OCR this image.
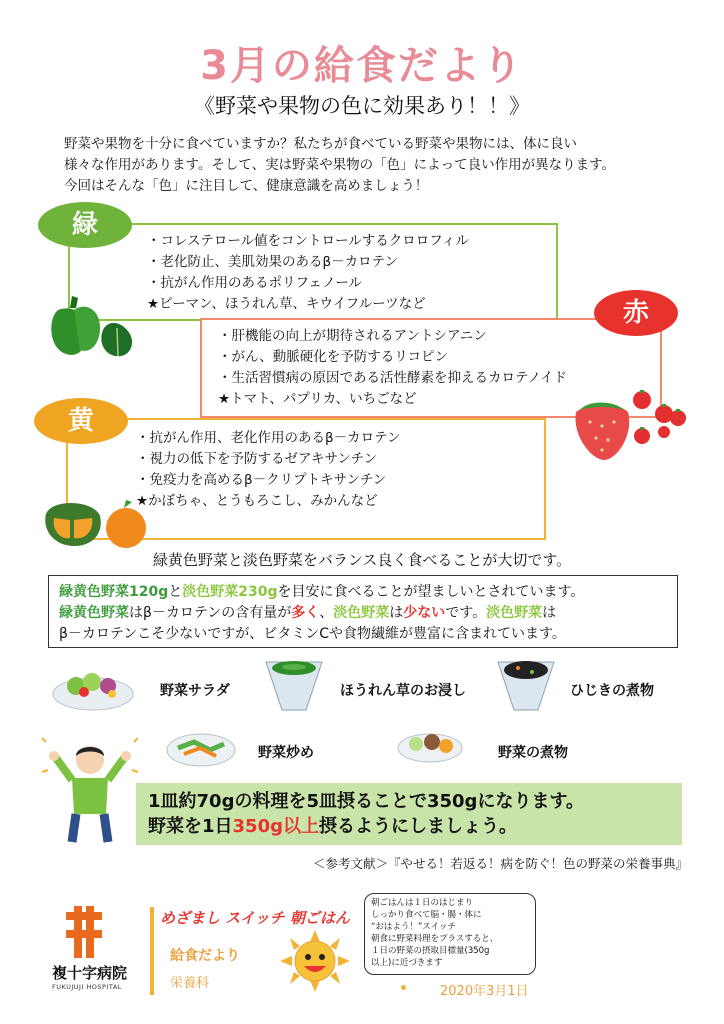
3月の給食だより
《野菜や果物の色に効果あり！！》
野菜や果物を十分に食べていますか？私たちが食べている野菜や果物には、体に良い
様々な作用があります。そして、実は野菜や果物の「色」によって良い作用が異なります。
今回はそんな「色」に注目して、健康意識を高めましょう！
緑
赤
黄
・コレステロール値をコントロールするクロロフィル
・老化防止、美肌効果のあるβ－カロテン
・抗がん作用のあるポリフェノール
★ピーマン、ほうれん草、キウイフルーツなど
・肝機能の向上が期待されるアントシアニン
・がん、動脈硬化を予防するリコピン
・生活習慣病の原因である活性酵素を抑えるカロテノイド
★トマト、パプリカ、いちごなど
・抗がん作用、老化作用のあるβ－カロテン
・視力の低下を予防するゼアキサンチン
・免疫力を高めるβ－クリプトキサンチン
★かぼちゃ、とうもろこし、みかんなど
緑黄色野菜と淡色野菜をバランス良く食べることが大切です。
緑黄色野菜120gと淡色野菜230gを目安に食べることが望ましいとされています。
緑黄色野菜はβ－カロテンの含有量が多く、淡色野菜は少ないです。淡色野菜は
β－カロテンこそ少ないですが、ビタミンCや食物繊維が豊富に含まれています。
野菜サラダ	ほうれん草のお浸し	ひじきの煮物
野菜炒め	野菜の煮物
1皿約70gの料理を5皿摂ることで350gになります。
野菜を1日350g以上摂るようにしましょう。
＜参考文献＞『やせる！若返る！病を防ぐ！色の野菜の栄養事典』
複十字病院
FUKUJUJI HOSPITAL
めざまし スイッチ 朝ごはん
給食だより
栄養科
朝ごはんは１日のはじまり
しっかり食べて脳・腸・体に
“おはよう！”スイッチ
朝食に野菜料理をプラスすると、
１日の野菜の摂取目標量(350g
以上)に近づきます
2020年3月1日
